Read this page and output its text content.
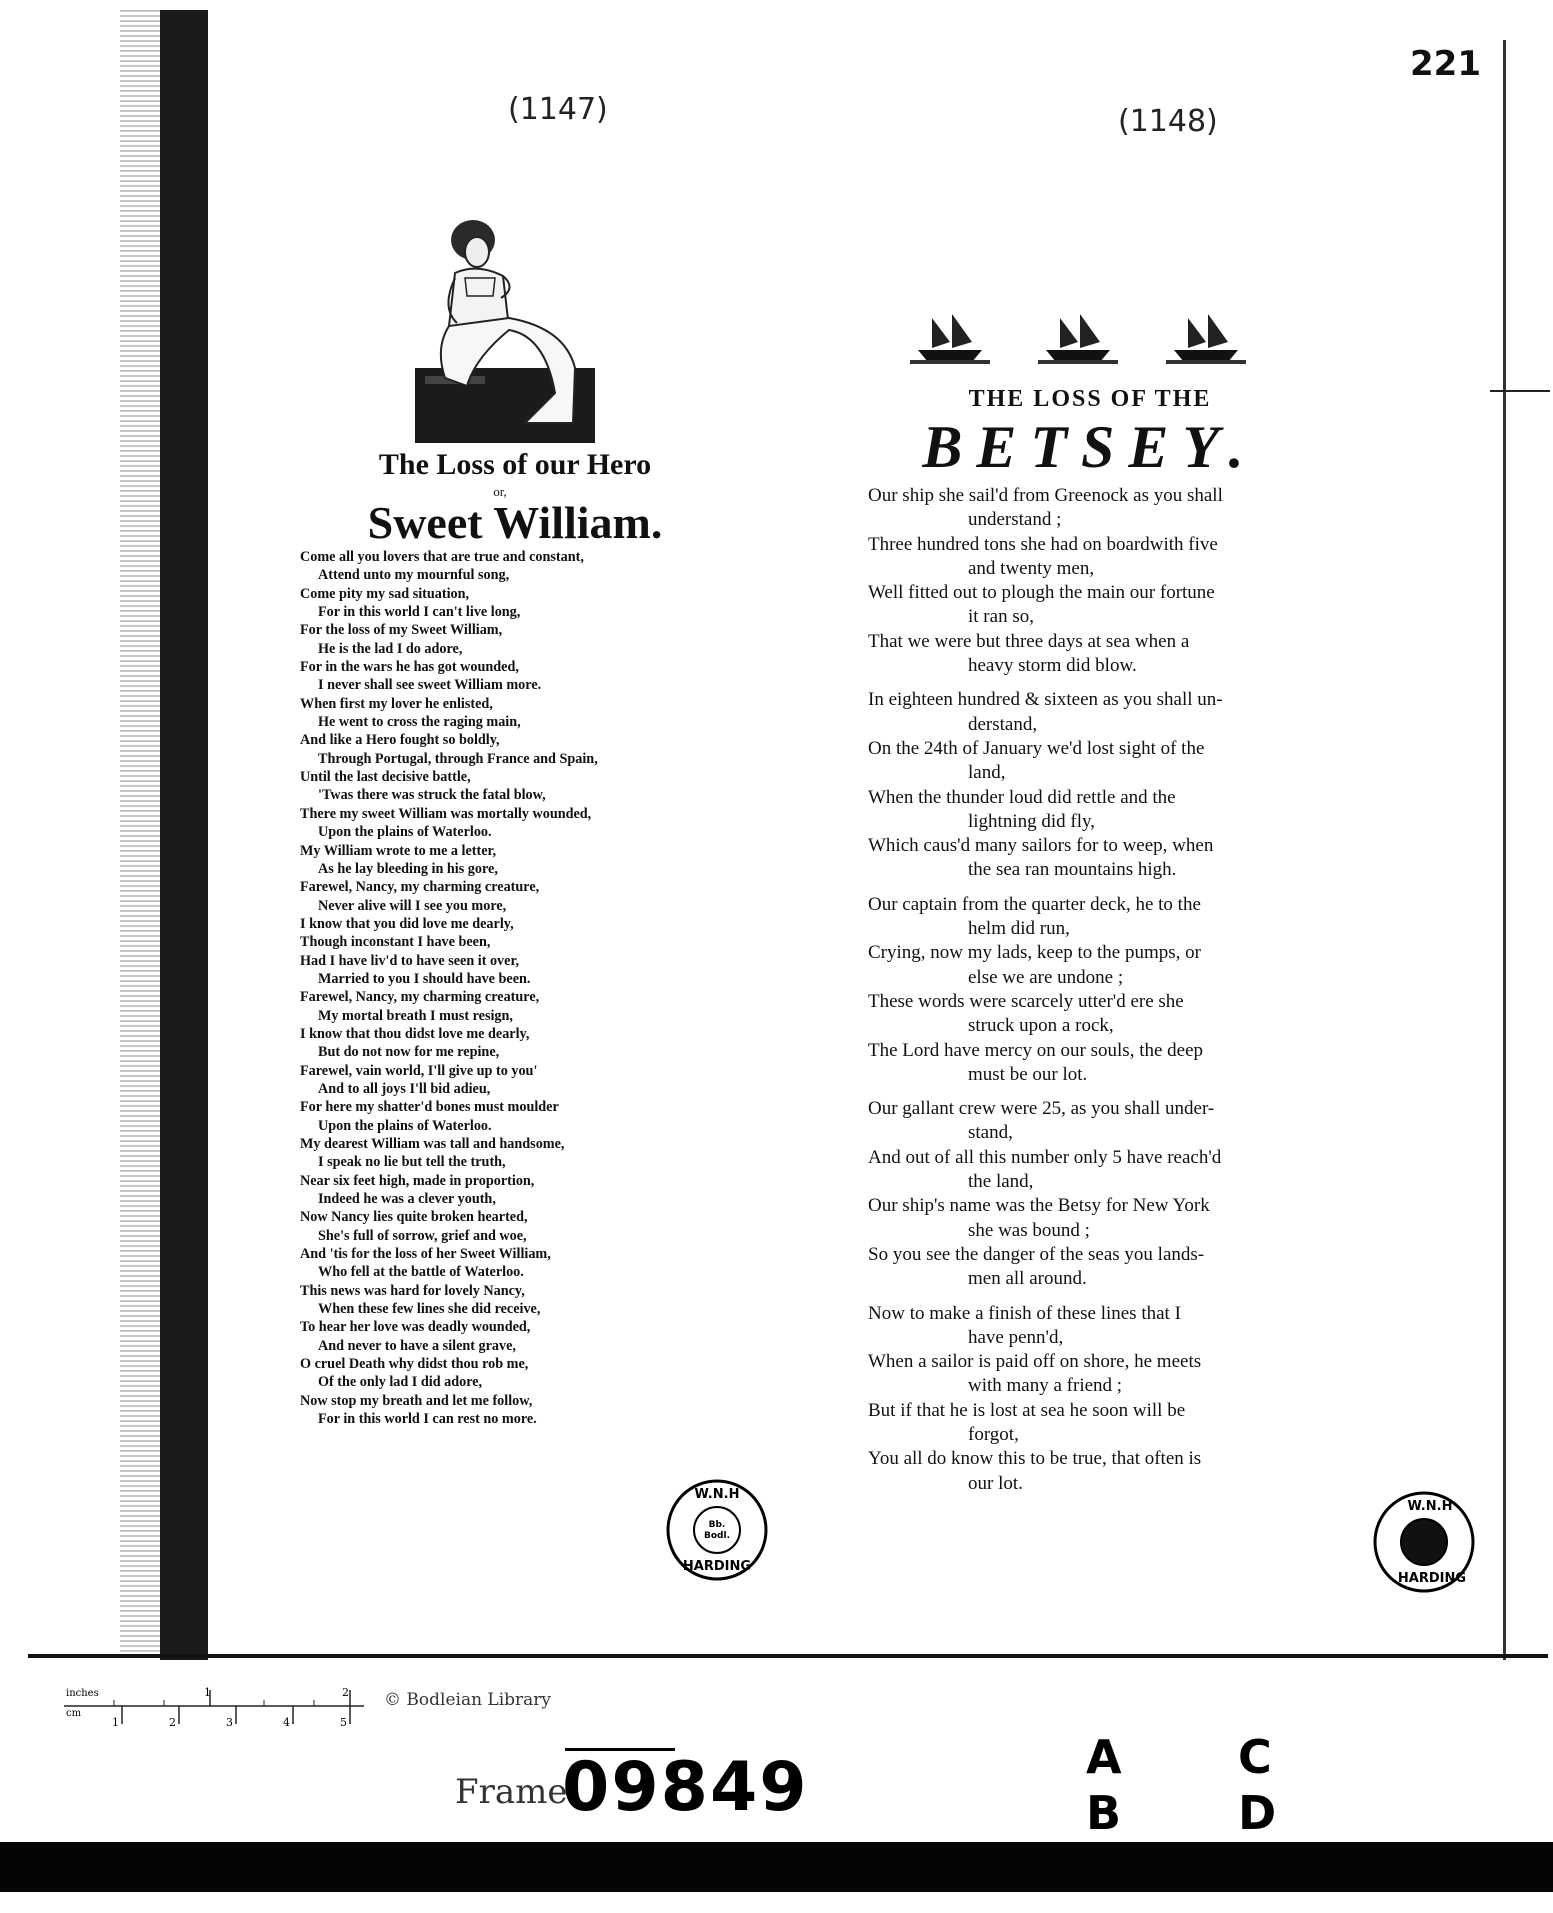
(1147)	(1148)
221
The Loss of our Hero
or,
Sweet William.
Come all you lovers that are true and constant,
Attend unto my mournful song,
Come pity my sad situation,
For in this world I can't live long,
For the loss of my Sweet William,
He is the lad I do adore,
For in the wars he has got wounded,
I never shall see sweet William more.
When first my lover he enlisted,
He went to cross the raging main,
And like a Hero fought so boldly,
Through Portugal, through France and Spain,
Until the last decisive battle,
'Twas there was struck the fatal blow,
There my sweet William was mortally wounded,
Upon the plains of Waterloo.
My William wrote to me a letter,
As he lay bleeding in his gore,
Farewel, Nancy, my charming creature,
Never alive will I see you more,
I know that you did love me dearly,
Though inconstant I have been,
Had I have liv'd to have seen it over,
Married to you I should have been.
Farewel, Nancy, my charming creature,
My mortal breath I must resign,
I know that thou didst love me dearly,
But do not now for me repine,
Farewel, vain world, I'll give up to you'
And to all joys I'll bid adieu,
For here my shatter'd bones must moulder
Upon the plains of Waterloo.
My dearest William was tall and handsome,
I speak no lie but tell the truth,
Near six feet high, made in proportion,
Indeed he was a clever youth,
Now Nancy lies quite broken hearted,
She's full of sorrow, grief and woe,
And 'tis for the loss of her Sweet William,
Who fell at the battle of Waterloo.
This news was hard for lovely Nancy,
When these few lines she did receive,
To hear her love was deadly wounded,
And never to have a silent grave,
O cruel Death why didst thou rob me,
Of the only lad I did adore,
Now stop my breath and let me follow,
For in this world I can rest no more.
W.N.H
Bb.
Bodl.
HARDING
THE LOSS OF THE
BETSEY.
Our ship she sail'd from Greenock as you shall
understand ;
Three hundred tons she had on boardwith five
and twenty men,
Well fitted out to plough the main our fortune
it ran so,
That we were but three days at sea when a
heavy storm did blow.
In eighteen hundred & sixteen as you shall un-
derstand,
On the 24th of January we'd lost sight of the
land,
When the thunder loud did rettle and the
lightning did fly,
Which caus'd many sailors for to weep, when
the sea ran mountains high.
Our captain from the quarter deck, he to the
helm did run,
Crying, now my lads, keep to the pumps, or
else we are undone ;
These words were scarcely utter'd ere she
struck upon a rock,
The Lord have mercy on our souls, the deep
must be our lot.
Our gallant crew were 25, as you shall under-
stand,
And out of all this number only 5 have reach'd
the land,
Our ship's name was the Betsy for New York
she was bound ;
So you see the danger of the seas you lands-
men all around.
Now to make a finish of these lines that I
have penn'd,
When a sailor is paid off on shore, he meets
with many a friend ;
But if that he is lost at sea he soon will be
forgot,
You all do know this to be true, that often is
our lot.
W.N.H
HARDING
inches
cm
1	2
1	2	3	4	5
© Bodleian Library
Frame:
09849	A
B
C
D
